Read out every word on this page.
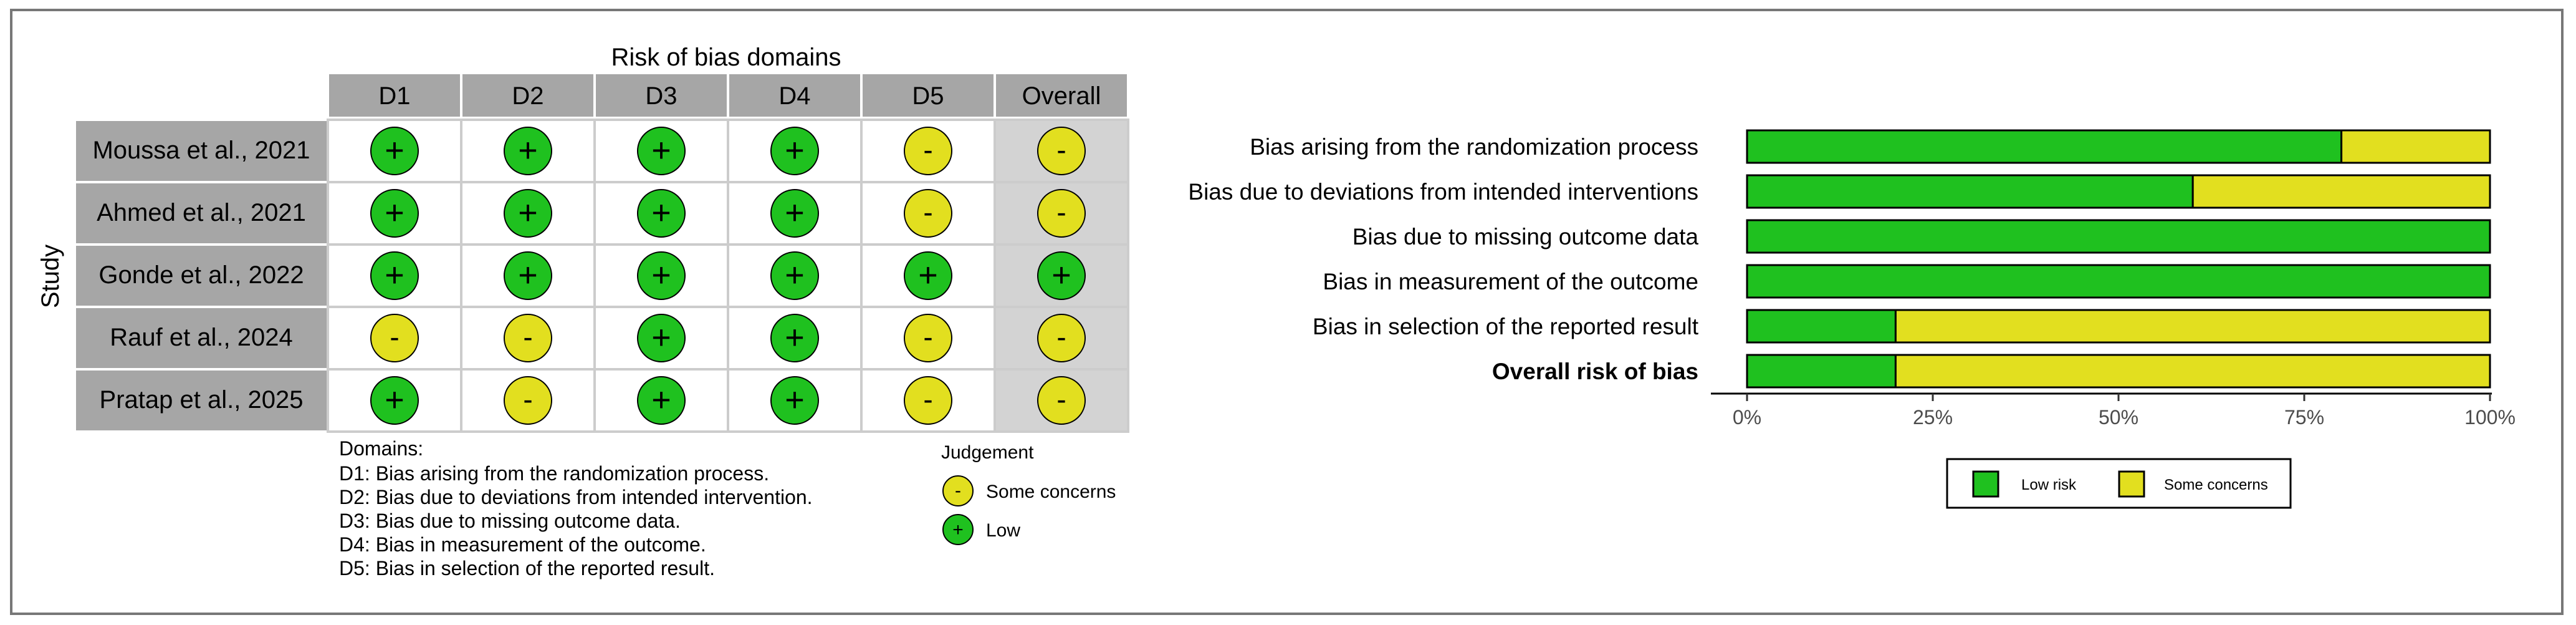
Risk of bias domains
Study
D1	D2	D3	D4	D5	Overall
Moussa et al., 2021 +	+	+	+	-	-
Ahmed et al., 2021 +	+	+	+	-	-
Gonde et al., 2022 +	+	+	+	+	+
Rauf et al., 2024	-	-	+	+	-	-
Pratap et al., 2025 +	-	+	+	-	-
Domains:
D1: Bias arising from the randomization process.
D2: Bias due to deviations from intended intervention.
D3: Bias due to missing outcome data.
D4: Bias in measurement of the outcome.
D5: Bias in selection of the reported result.
Judgement
- Some concerns
+ Low
Bias arising from the randomization process
Bias due to deviations from intended interventions
Bias due to missing outcome data
Bias in measurement of the outcome
Bias in selection of the reported result
Overall risk of bias
0%	25%	50%	75%	100%
Low risk	Some concerns
